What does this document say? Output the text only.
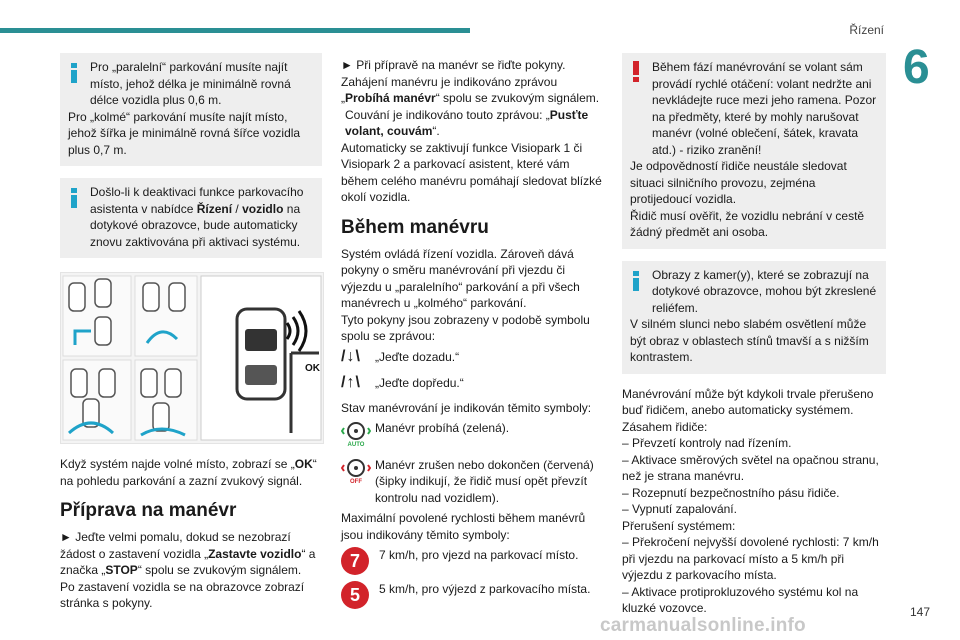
Řízení
6

Pro „paralelní“ parkování musíte najít místo, jehož délka je minimálně rovná délce vozidla plus 0,6 m.

Pro „kolmé“ parkování musíte najít místo, jehož šířka je minimálně rovná šířce vozidla plus 0,7 m.

Došlo-li k deaktivaci funkce parkovacího asistenta v nabídce Řízení / vozidlo na dotykové obrazovce, bude automaticky znovu zaktivována při aktivaci systému.

OK

Když systém najde volné místo, zobrazí se „OK“ na pohledu parkování a zazní zvukový signál.

Příprava na manévr

► Jeďte velmi pomalu, dokud se nezobrazí žádost o zastavení vozidla „Zastavte vozidlo“ a značka „STOP“ spolu se zvukovým signálem.

Po zastavení vozidla se na obrazovce zobrazí stránka s pokyny.

► Při přípravě na manévr se řiďte pokyny.

Zahájení manévru je indikováno zprávou „Probíhá manévr“ spolu se zvukovým signálem.

Couvání je indikováno touto zprávou: „Pusťte volant, couvám“.

Automaticky se zaktivují funkce Visiopark 1 či Visiopark 2 a parkovací asistent, které vám během celého manévru pomáhají sledovat blízké okolí vozidla.

Během manévru

Systém ovládá řízení vozidla. Zároveň dává pokyny o směru manévrování při vjezdu či výjezdu u „paralelního“ parkování a při všech manévrech u „kolmého“ parkování.

Tyto pokyny jsou zobrazeny v podobě symbolu spolu se zprávou:

/↓\	„Jeďte dozadu.“
/↑\	„Jeďte dopředu.“

Stav manévrování je indikován těmito symboly:

AUTO
Manévr probíhá (zelená).
OFF
Manévr zrušen nebo dokončen (červená) (šipky indikují, že řidič musí opět převzít kontrolu nad vozidlem).

Maximální povolené rychlosti během manévrů jsou indikovány těmito symboly:

7	7 km/h, pro vjezd na parkovací místo.
5	5 km/h, pro výjezd z parkovacího místa.

Během fází manévrování se volant sám provádí rychlé otáčení: volant nedržte ani nevkládejte ruce mezi jeho ramena. Pozor na předměty, které by mohly narušovat manévr (volné oblečení, šátek, kravata atd.) - riziko zranění!

Je odpovědností řidiče neustále sledovat situaci silničního provozu, zejména protijedoucí vozidla.

Řidič musí ověřit, že vozidlu nebrání v cestě žádný předmět ani osoba.

Obrazy z kamer(y), které se zobrazují na dotykové obrazovce, mohou být zkreslené reliéfem.

V silném slunci nebo slabém osvětlení může být obraz v oblastech stínů tmavší a s nižším kontrastem.

Manévrování může být kdykoli trvale přerušeno buď řidičem, anebo automaticky systémem.

Zásahem řidiče:

– Převzetí kontroly nad řízením.

– Aktivace směrových světel na opačnou stranu, než je strana manévru.

– Rozepnutí bezpečnostního pásu řidiče.

– Vypnutí zapalování.

Přerušení systémem:

– Překročení nejvyšší dovolené rychlosti: 7 km/h při vjezdu na parkovací místo a 5 km/h při výjezdu z parkovacího místa.

– Aktivace protiprokluzového systému kol na kluzké vozovce.	147
carmanualsonline.info
